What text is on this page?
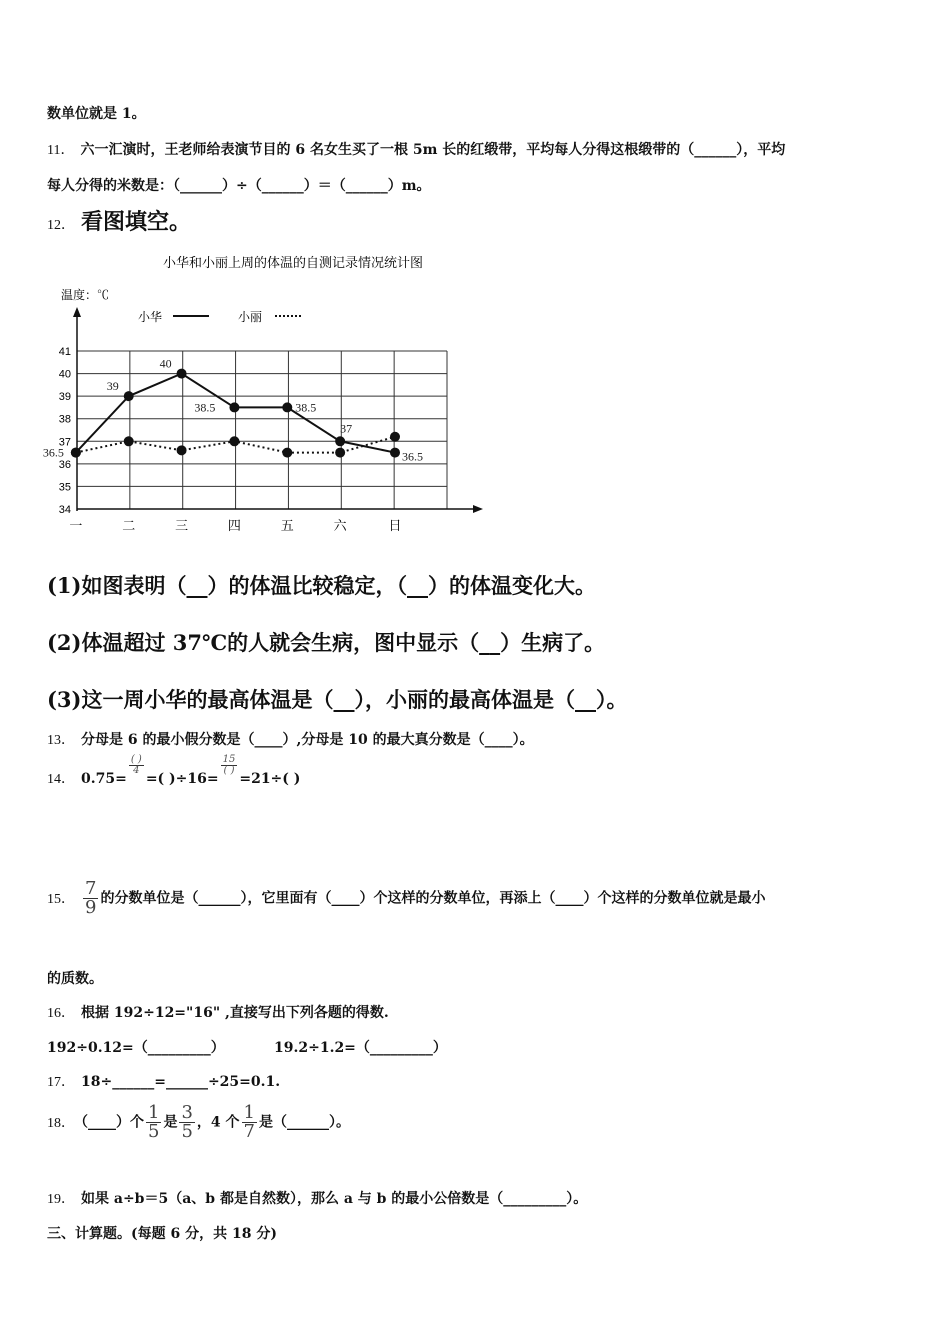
数单位就是 1。
11． 六一汇演时，王老师给表演节目的 6 名女生买了一根 5m 长的红缎带，平均每人分得这根缎带的（______），平均
每人分得的米数是：（______）÷（______）＝（______）m。
12． 看图填空。
小华和小丽上周的体温的自测记录情况统计图
温度：℃
小华	小丽
34
35
36
37
38
39
40
41
一	二	三	四	五	六	日
36.5
39
40
38.5	38.5
37
36.5
(1)如图表明（__）的体温比较稳定，（__）的体温变化大。
(2)体温超过 37℃的人就会生病，图中显示（__）生病了。
(3)这一周小华的最高体温是（__），小丽的最高体温是（__）。
13． 分母是 6 的最小假分数是（____）,分母是 10 的最大真分数是（____）。
14． 0.75=
$\frac{( )}{4}$
=( )÷16=
$\frac{15}{( )}$
=21÷( )
15． $\frac{7}{9}$ 的分数单位是（______），它里面有（____）个这样的分数单位，再添上（____）个这样的分数单位就是最小
的质数。
16． 根据 192÷12="16" ,直接写出下列各题的得数.
192÷0.12=（_________）	19.2÷1.2=（_________）
17． 18÷______=______÷25=0.1.
18． （____）个 $\frac{1}{5}$ 是 $\frac{3}{5}$ ，4 个 $\frac{1}{7}$ 是（______）。
19． 如果 a÷b＝5（a、b 都是自然数），那么 a 与 b 的最小公倍数是（_________）。
三、计算题。(每题 6 分，共 18 分)
